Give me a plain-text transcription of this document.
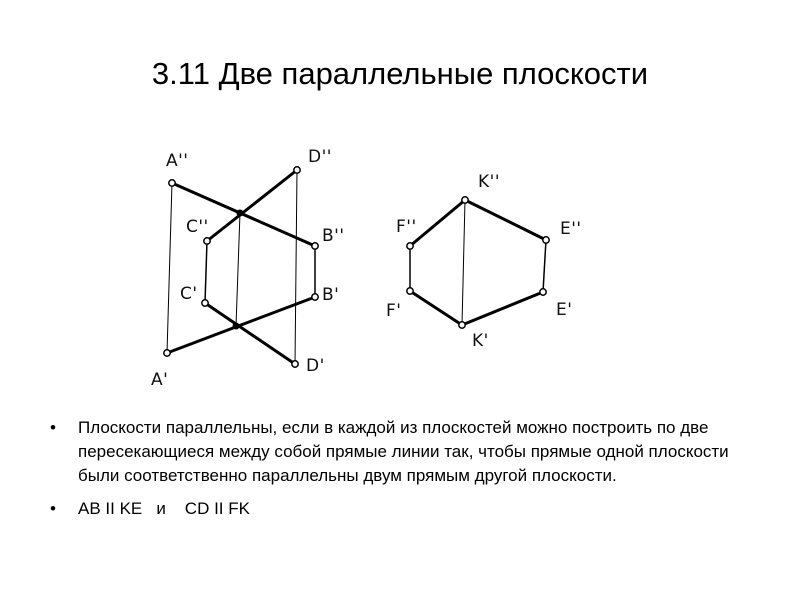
3.11 Две параллельные плоскости
A''	D''
C''	B''
C'	B'
A'
D'
K''
F''	E''
F'	E'
K'
• Плоскости параллельны, если в каждой из плоскостей можно построить по две пересекающиеся между собой прямые линии так, чтобы прямые одной плоскости были соответственно параллельны двум прямым другой плоскости.
• AB II KE   и    CD II FK
